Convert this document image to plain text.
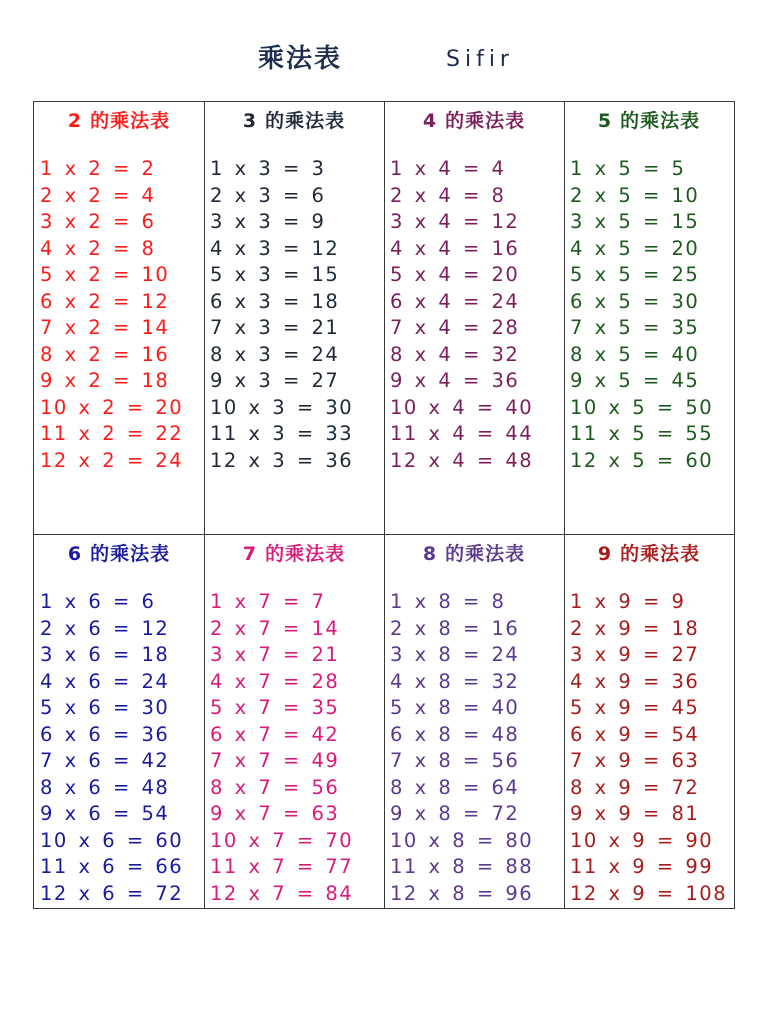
乘法表	Sifir
2 的乘法表
1 x 2 = 2
2 x 2 = 4
3 x 2 = 6
4 x 2 = 8
5 x 2 = 10
6 x 2 = 12
7 x 2 = 14
8 x 2 = 16
9 x 2 = 18
10 x 2 = 20
11 x 2 = 22
12 x 2 = 24
3 的乘法表
1 x 3 = 3
2 x 3 = 6
3 x 3 = 9
4 x 3 = 12
5 x 3 = 15
6 x 3 = 18
7 x 3 = 21
8 x 3 = 24
9 x 3 = 27
10 x 3 = 30
11 x 3 = 33
12 x 3 = 36
4 的乘法表
1 x 4 = 4
2 x 4 = 8
3 x 4 = 12
4 x 4 = 16
5 x 4 = 20
6 x 4 = 24
7 x 4 = 28
8 x 4 = 32
9 x 4 = 36
10 x 4 = 40
11 x 4 = 44
12 x 4 = 48
5 的乘法表
1 x 5 = 5
2 x 5 = 10
3 x 5 = 15
4 x 5 = 20
5 x 5 = 25
6 x 5 = 30
7 x 5 = 35
8 x 5 = 40
9 x 5 = 45
10 x 5 = 50
11 x 5 = 55
12 x 5 = 60
6 的乘法表
1 x 6 = 6
2 x 6 = 12
3 x 6 = 18
4 x 6 = 24
5 x 6 = 30
6 x 6 = 36
7 x 6 = 42
8 x 6 = 48
9 x 6 = 54
10 x 6 = 60
11 x 6 = 66
12 x 6 = 72
7 的乘法表
1 x 7 = 7
2 x 7 = 14
3 x 7 = 21
4 x 7 = 28
5 x 7 = 35
6 x 7 = 42
7 x 7 = 49
8 x 7 = 56
9 x 7 = 63
10 x 7 = 70
11 x 7 = 77
12 x 7 = 84
8 的乘法表
1 x 8 = 8
2 x 8 = 16
3 x 8 = 24
4 x 8 = 32
5 x 8 = 40
6 x 8 = 48
7 x 8 = 56
8 x 8 = 64
9 x 8 = 72
10 x 8 = 80
11 x 8 = 88
12 x 8 = 96
9 的乘法表
1 x 9 = 9
2 x 9 = 18
3 x 9 = 27
4 x 9 = 36
5 x 9 = 45
6 x 9 = 54
7 x 9 = 63
8 x 9 = 72
9 x 9 = 81
10 x 9 = 90
11 x 9 = 99
12 x 9 = 108
